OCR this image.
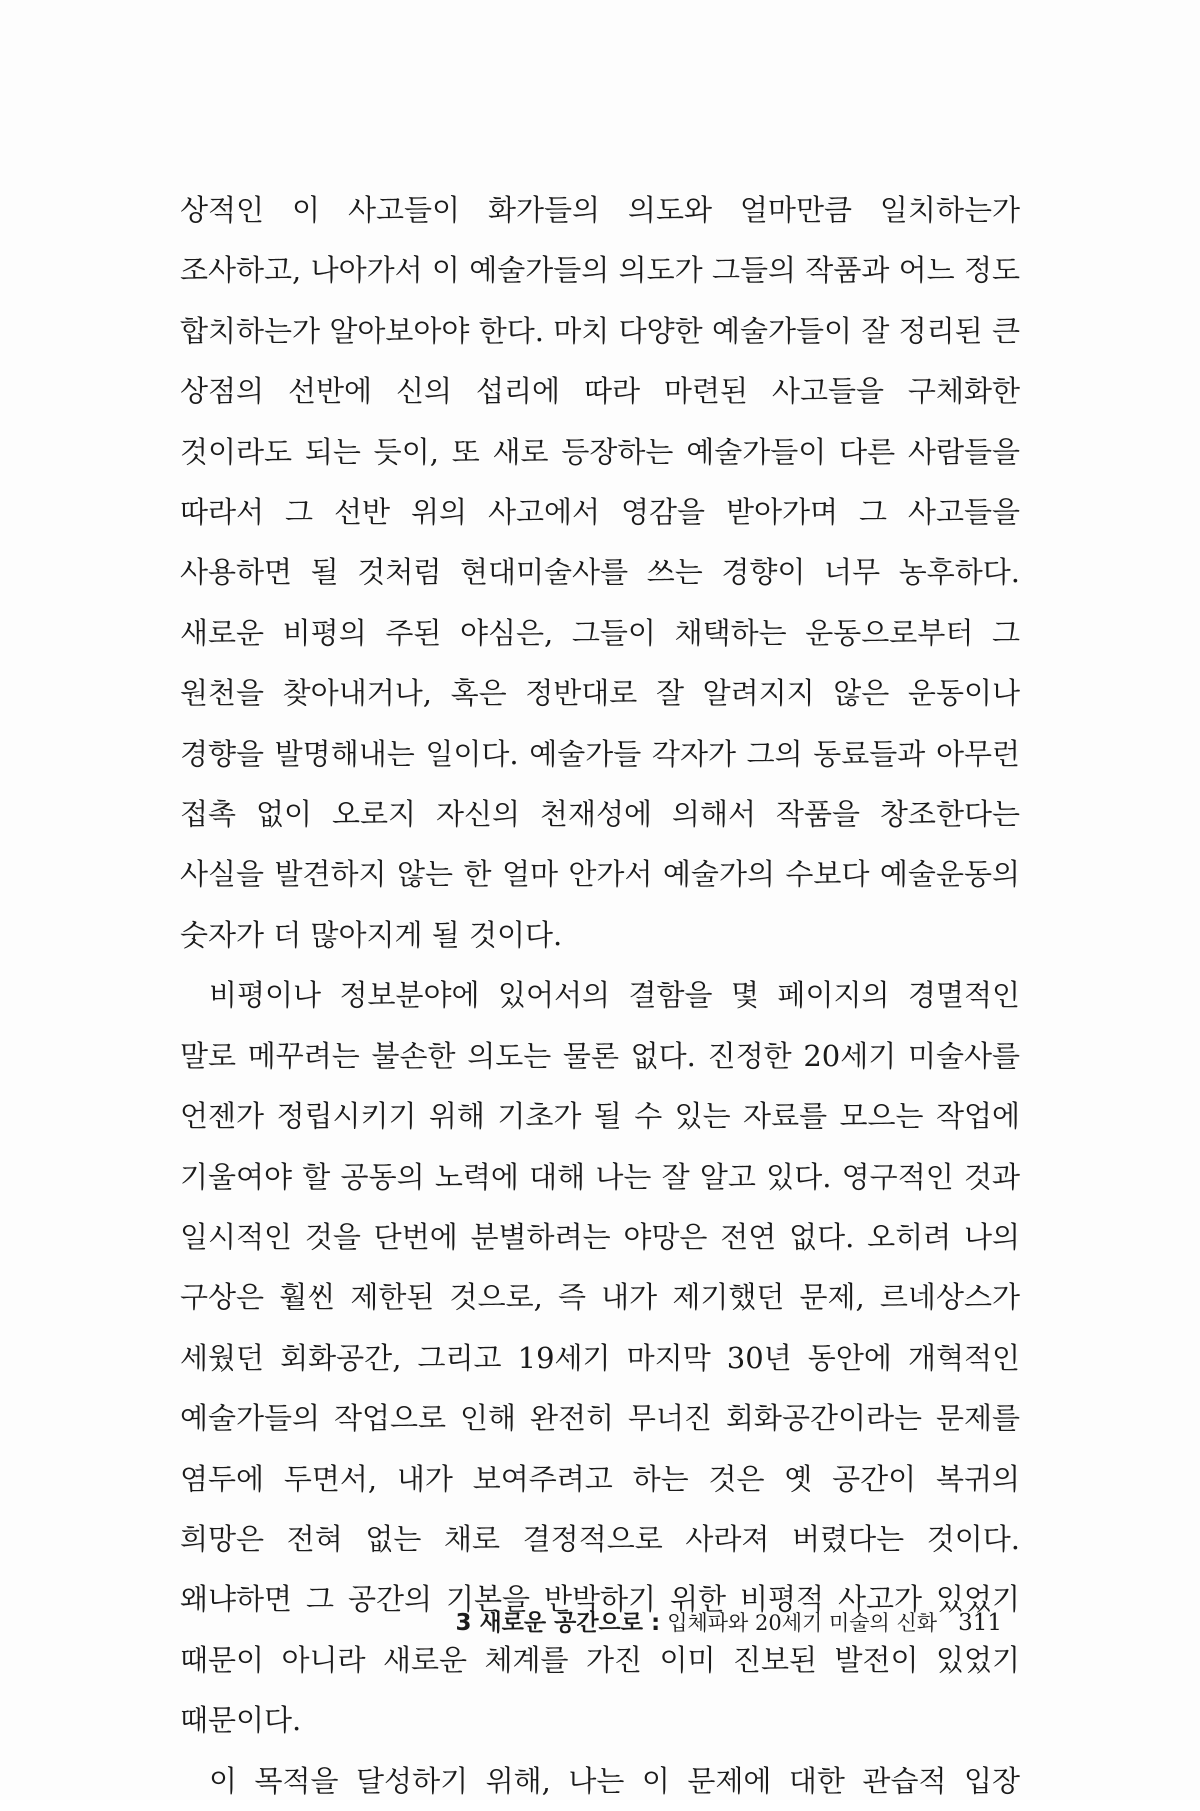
상적인 이 사고들이 화가들의 의도와 얼마만큼 일치하는가 조사하고, 나아가서 이 예술가들의 의도가 그들의 작품과 어느 정도 합치하는가 알아보아야 한다. 마치 다양한 예술가들이 잘 정리된 큰 상점의 선반에 신의 섭리에 따라 마련된 사고들을 구체화한 것이라도 되는 듯이, 또 새로 등장하는 예술가들이 다른 사람들을 따라서 그 선반 위의 사고에서 영감을 받아가며 그 사고들을 사용하면 될 것처럼 현대미술사를 쓰는 경향이 너무 농후하다. 새로운 비평의 주된 야심은, 그들이 채택하는 운동으로부터 그 원천을 찾아내거나, 혹은 정반대로 잘 알려지지 않은 운동이나 경향을 발명해내는 일이다. 예술가들 각자가 그의 동료들과 아무런 접촉 없이 오로지 자신의 천재성에 의해서 작품을 창조한다는 사실을 발견하지 않는 한 얼마 안가서 예술가의 수보다 예술운동의 숫자가 더 많아지게 될 것이다.

비평이나 정보분야에 있어서의 결함을 몇 페이지의 경멸적인 말로 메꾸려는 불손한 의도는 물론 없다. 진정한 20세기 미술사를 언젠가 정립시키기 위해 기초가 될 수 있는 자료를 모으는 작업에 기울여야 할 공동의 노력에 대해 나는 잘 알고 있다. 영구적인 것과 일시적인 것을 단번에 분별하려는 야망은 전연 없다. 오히려 나의 구상은 훨씬 제한된 것으로, 즉 내가 제기했던 문제, 르네상스가 세웠던 회화공간, 그리고 19세기 마지막 30년 동안에 개혁적인 예술가들의 작업으로 인해 완전히 무너진 회화공간이라는 문제를 염두에 두면서, 내가 보여주려고 하는 것은 옛 공간이 복귀의 희망은 전혀 없는 채로 결정적으로 사라져 버렸다는 것이다. 왜냐하면 그 공간의 기본을 반박하기 위한 비평적 사고가 있었기 때문이 아니라 새로운 체계를 가진 이미 진보된 발전이 있었기 때문이다.

이 목적을 달성하기 위해, 나는 이 문제에 대한 관습적 입장

3 새로운 공간으로 : 입체파와 20세기 미술의 신화 311
